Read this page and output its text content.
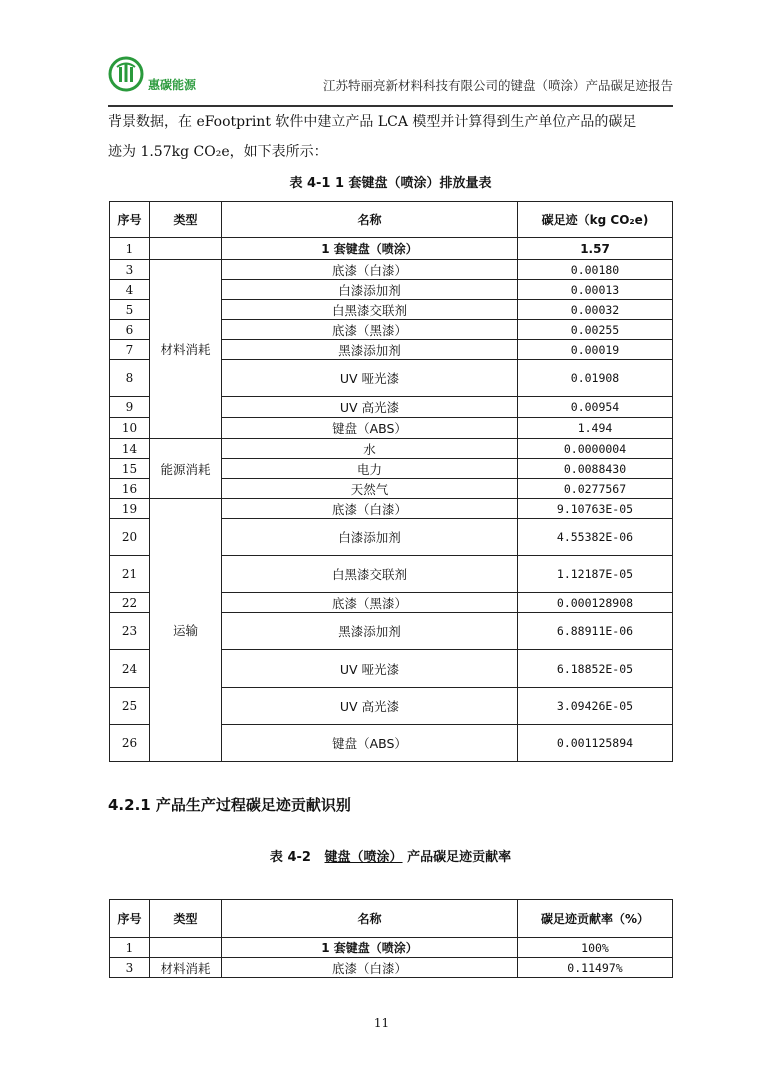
惠碳能源	江苏特丽亮新材料科技有限公司的键盘（喷涂）产品碳足迹报告
背景数据，在 eFootprint 软件中建立产品 LCA 模型并计算得到生产单位产品的碳足
迹为 1.57kg CO₂e，如下表所示：
表 4-1 1 套键盘（喷涂）排放量表
序号	类型	名称	碳足迹（kg CO₂e)
1		1 套键盘（喷涂）	1.57
3	材料消耗	底漆（白漆）	0.00180
4		白漆添加剂	0.00013
5		白黑漆交联剂	0.00032
6		底漆（黑漆）	0.00255
7		黑漆添加剂	0.00019
8		UV 哑光漆	0.01908
9		UV 高光漆	0.00954
10		键盘（ABS）	1.494
14	能源消耗	水	0.0000004
15		电力	0.0088430
16		天然气	0.0277567
19	运输	底漆（白漆）	9.10763E-05
20		白漆添加剂	4.55382E-06
21		白黑漆交联剂	1.12187E-05
22		底漆（黑漆）	0.000128908
23		黑漆添加剂	6.88911E-06
24		UV 哑光漆	6.18852E-05
25		UV 高光漆	3.09426E-05
26		键盘（ABS）	0.001125894
4.2.1 产品生产过程碳足迹贡献识别
表 4-2 键盘（喷涂） 产品碳足迹贡献率
序号	类型	名称	碳足迹贡献率（%）
1		1 套键盘（喷涂）	100%
3	材料消耗	底漆（白漆）	0.11497%
11
